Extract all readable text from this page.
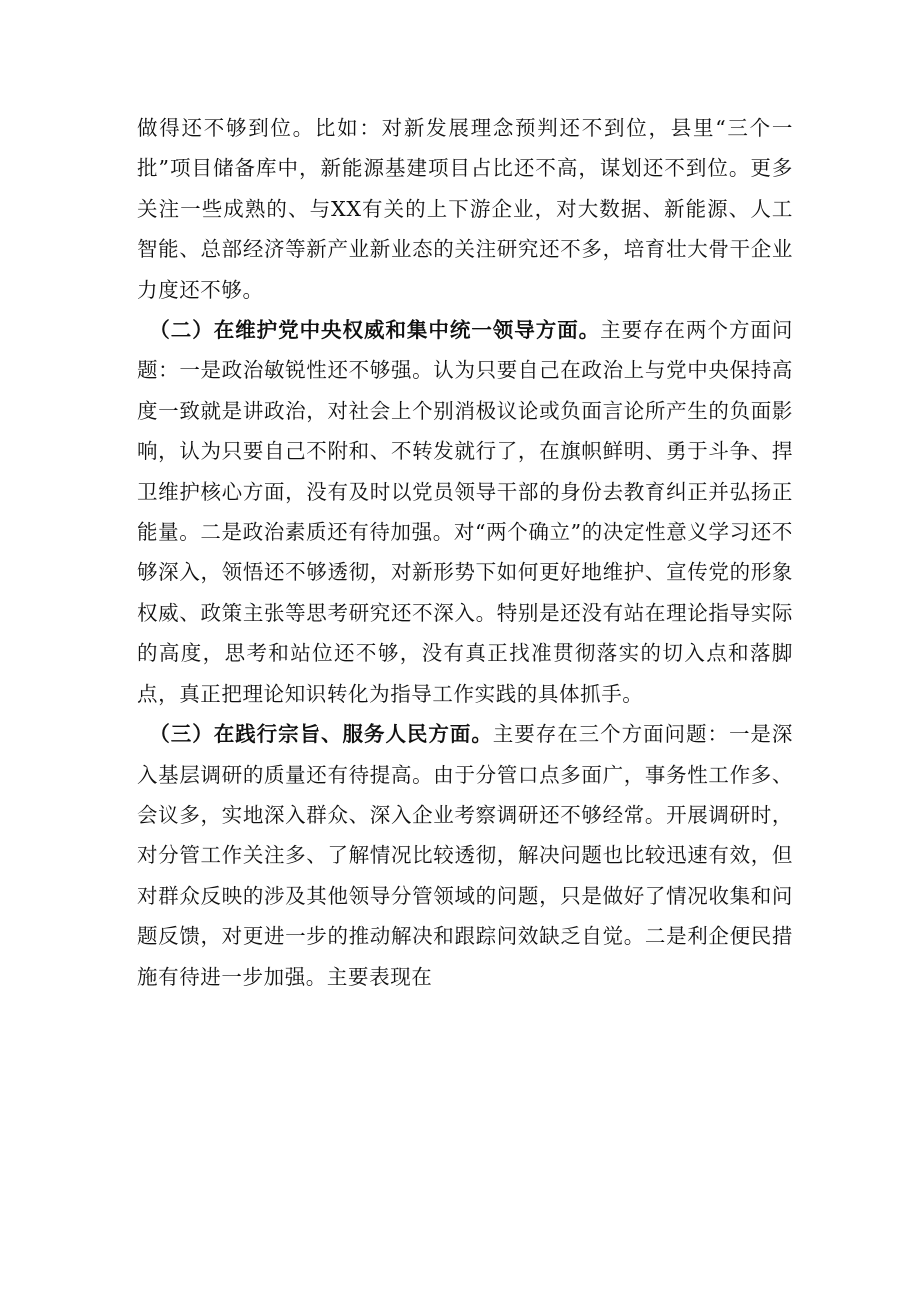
做得还不够到位。比如：对新发展理念预判还不到位，县里“三个一批”项目储备库中，新能源基建项目占比还不高，谋划还不到位。更多关注一些成熟的、与XX有关的上下游企业，对大数据、新能源、人工智能、总部经济等新产业新业态的关注研究还不多，培育壮大骨干企业力度还不够。

（二）在维护党中央权威和集中统一领导方面。主要存在两个方面问题：一是政治敏锐性还不够强。认为只要自己在政治上与党中央保持高度一致就是讲政治，对社会上个别消极议论或负面言论所产生的负面影响，认为只要自己不附和、不转发就行了，在旗帜鲜明、勇于斗争、捍卫维护核心方面，没有及时以党员领导干部的身份去教育纠正并弘扬正能量。二是政治素质还有待加强。对“两个确立”的决定性意义学习还不够深入，领悟还不够透彻，对新形势下如何更好地维护、宣传党的形象权威、政策主张等思考研究还不深入。特别是还没有站在理论指导实际的高度，思考和站位还不够，没有真正找准贯彻落实的切入点和落脚点，真正把理论知识转化为指导工作实践的具体抓手。

（三）在践行宗旨、服务人民方面。主要存在三个方面问题：一是深入基层调研的质量还有待提高。由于分管口点多面广，事务性工作多、会议多，实地深入群众、深入企业考察调研还不够经常。开展调研时，对分管工作关注多、了解情况比较透彻，解决问题也比较迅速有效，但对群众反映的涉及其他领导分管领域的问题，只是做好了情况收集和问题反馈，对更进一步的推动解决和跟踪问效缺乏自觉。二是利企便民措施有待进一步加强。主要表现在
